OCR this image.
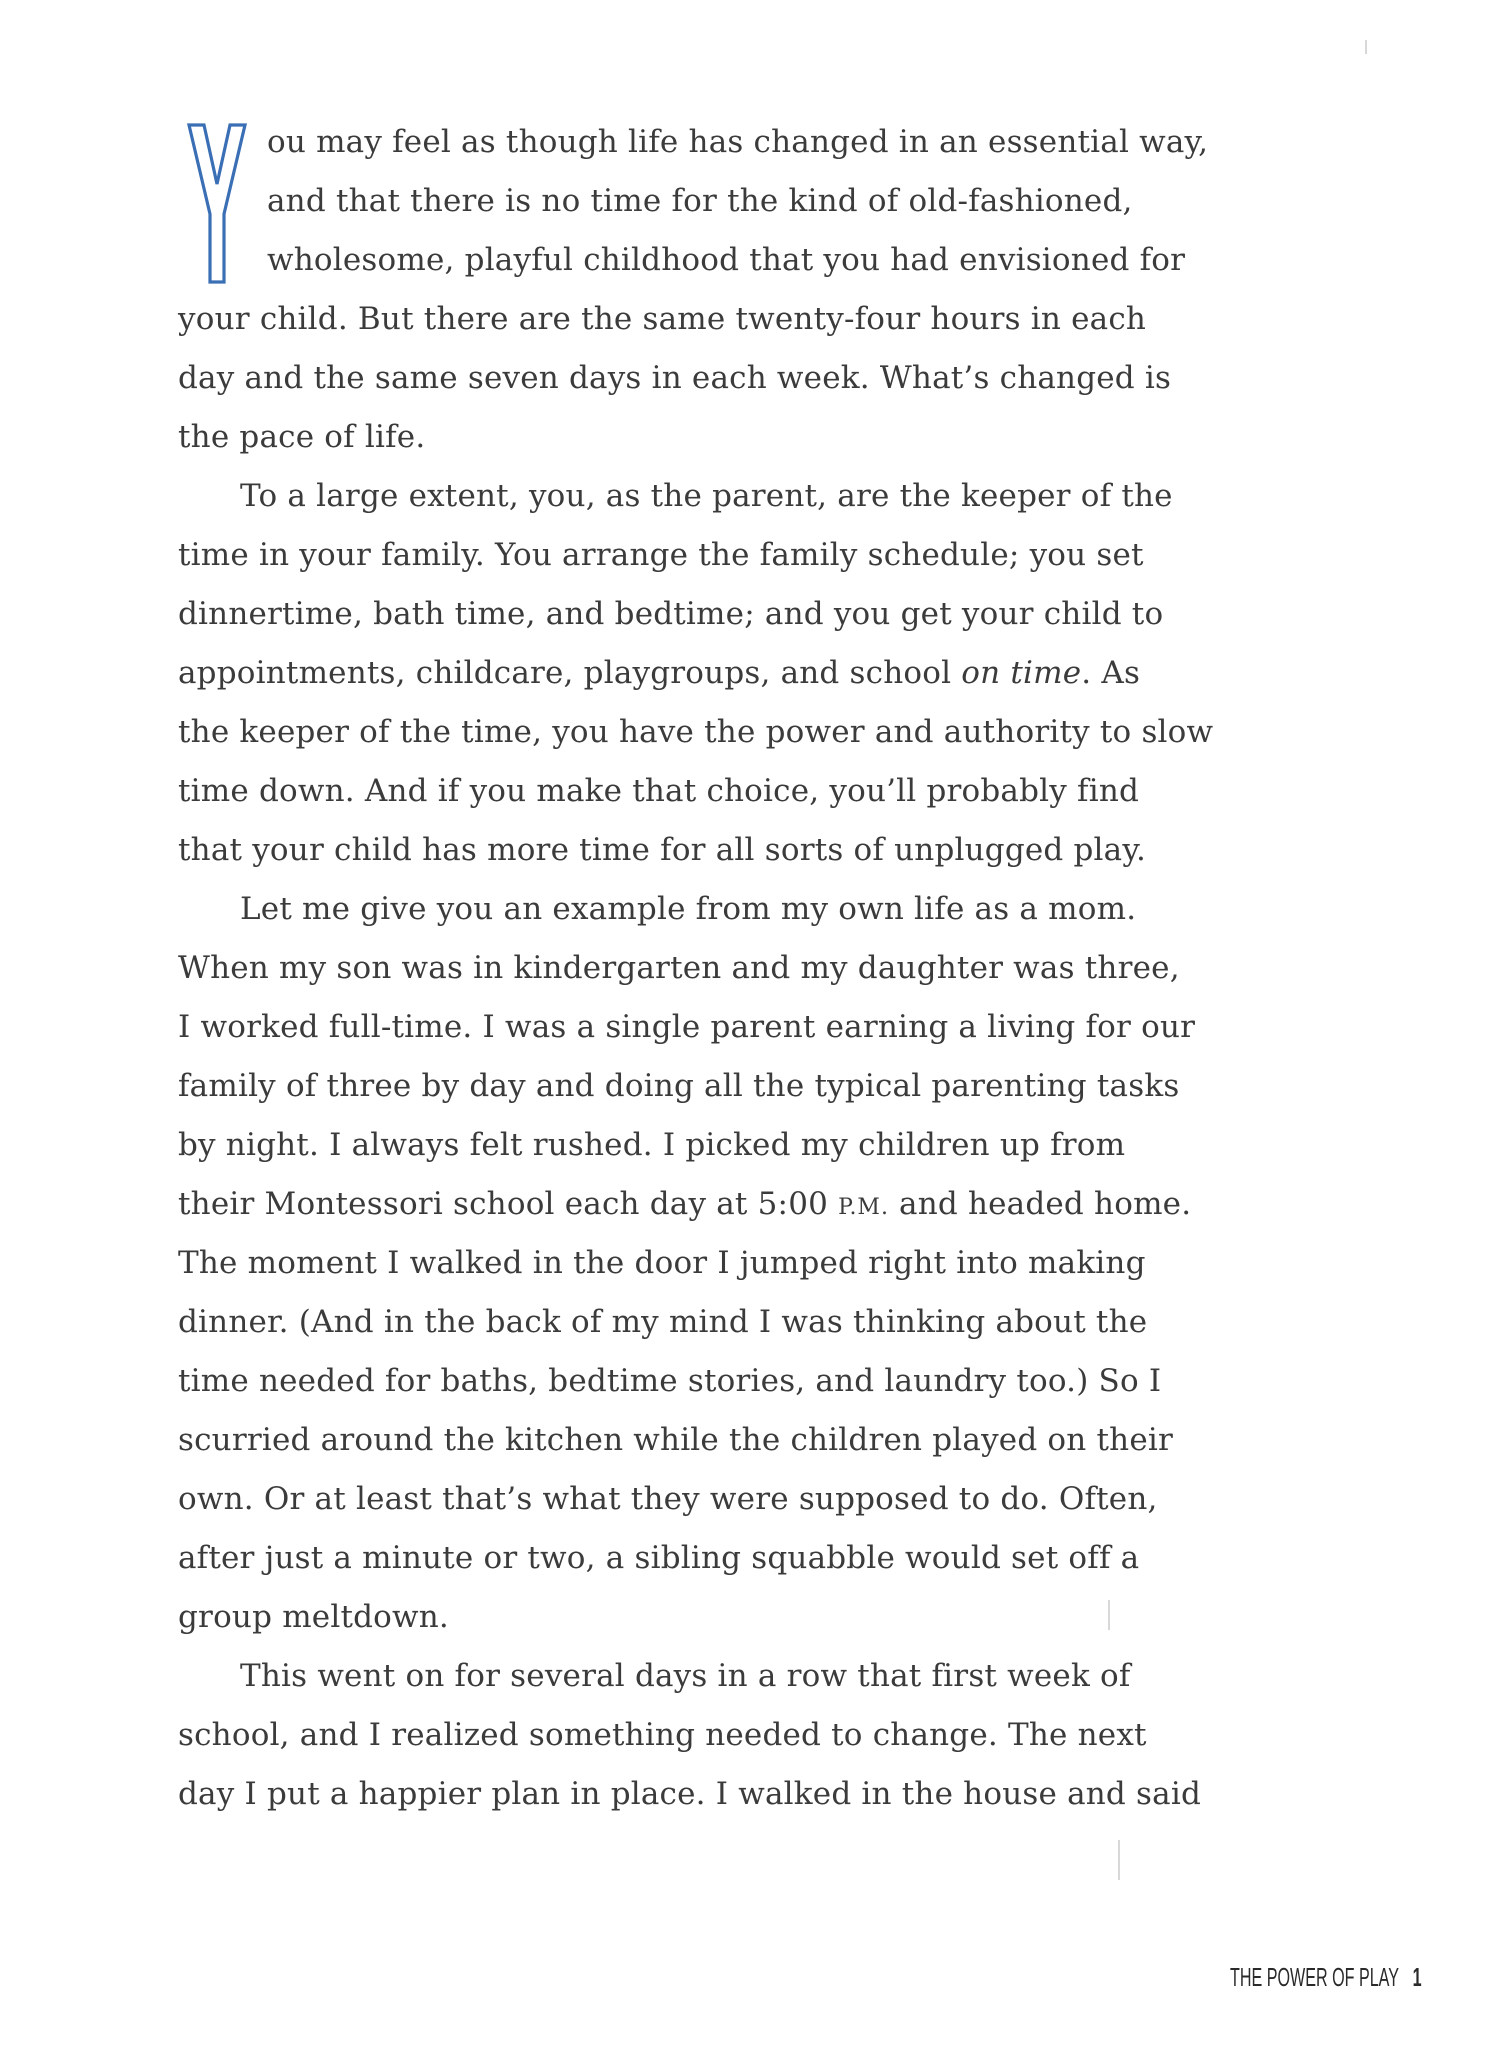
ou may feel as though life has changed in an essential way,
and that there is no time for the kind of old-fashioned,
wholesome, playful childhood that you had envisioned for
your child. But there are the same twenty-four hours in each
day and the same seven days in each week. What’s changed is
the pace of life.
To a large extent, you, as the parent, are the keeper of the
time in your family. You arrange the family schedule; you set
dinnertime, bath time, and bedtime; and you get your child to
appointments, childcare, playgroups, and school on time. As
the keeper of the time, you have the power and authority to slow
time down. And if you make that choice, you’ll probably find
that your child has more time for all sorts of unplugged play.
Let me give you an example from my own life as a mom.
When my son was in kindergarten and my daughter was three,
I worked full-time. I was a single parent earning a living for our
family of three by day and doing all the typical parenting tasks
by night. I always felt rushed. I picked my children up from
their Montessori school each day at 5:00 P.M. and headed home.
The moment I walked in the door I jumped right into making
dinner. (And in the back of my mind I was thinking about the
time needed for baths, bedtime stories, and laundry too.) So I
scurried around the kitchen while the children played on their
own. Or at least that’s what they were supposed to do. Often,
after just a minute or two, a sibling squabble would set off a
group meltdown.
This went on for several days in a row that first week of
school, and I realized something needed to change. The next
day I put a happier plan in place. I walked in the house and said
THE POWER OF PLAY 1
